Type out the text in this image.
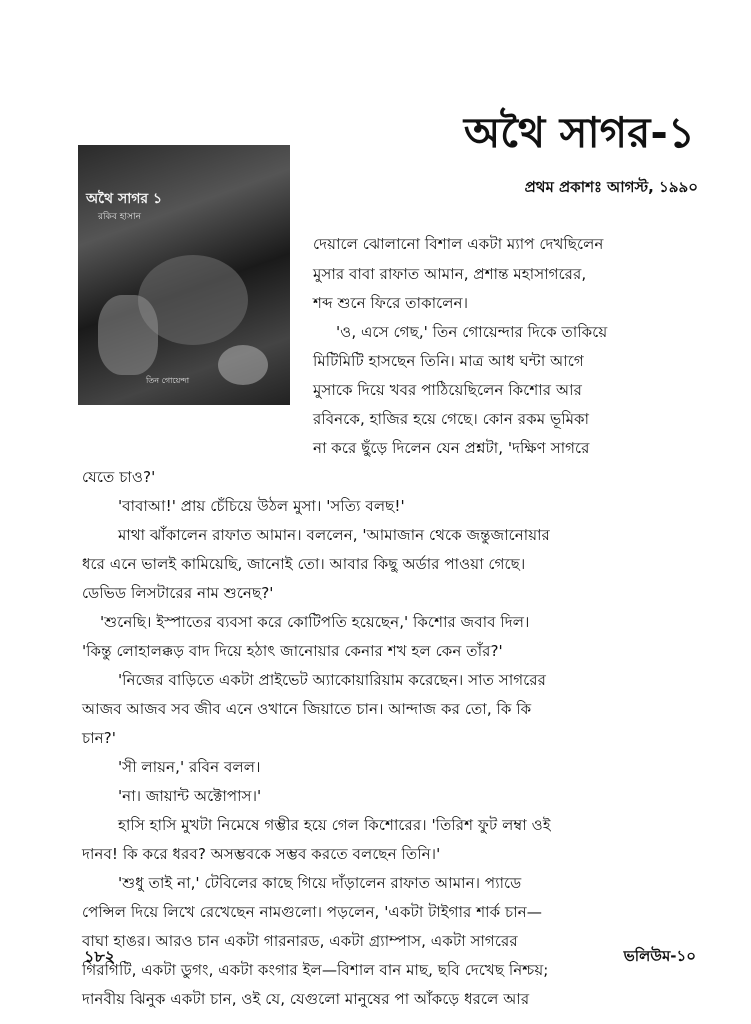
অথৈ সাগর-১
প্রথম প্রকাশঃ আগস্ট, ১৯৯০
অথৈ সাগর ১
রকিব হাসান
তিন গোয়েন্দা
দেয়ালে ঝোলানো বিশাল একটা ম্যাপ দেখছিলেন
মুসার বাবা রাফাত আমান, প্রশান্ত মহাসাগরের,
শব্দ শুনে ফিরে তাকালেন।
'ও, এসে গেছ,' তিন গোয়েন্দার দিকে তাকিয়ে
মিটিমিটি হাসছেন তিনি। মাত্র আধ ঘন্টা আগে
মুসাকে দিয়ে খবর পাঠিয়েছিলেন কিশোর আর
রবিনকে, হাজির হয়ে গেছে। কোন রকম ভূমিকা
না করে ছুঁড়ে দিলেন যেন প্রশ্নটা, 'দক্ষিণ সাগরে
যেতে চাও?'
'বাবাআ!' প্রায় চেঁচিয়ে উঠল মুসা। 'সত্যি বলছ!'
মাথা ঝাঁকালেন রাফাত আমান। বললেন, 'আমাজান থেকে জন্তুজানোয়ার
ধরে এনে ভালই কামিয়েছি, জানোই তো। আবার কিছু অর্ডার পাওয়া গেছে।
ডেভিড লিসটারের নাম শুনেছ?'
'শুনেছি। ইস্পাতের ব্যবসা করে কোটিপতি হয়েছেন,' কিশোর জবাব দিল।
'কিন্তু লোহালক্কড় বাদ দিয়ে হঠাৎ জানোয়ার কেনার শখ হল কেন তাঁর?'
'নিজের বাড়িতে একটা প্রাইভেট অ্যাকোয়ারিয়াম করেছেন। সাত সাগরের
আজব আজব সব জীব এনে ওখানে জিয়াতে চান। আন্দাজ কর তো, কি কি
চান?'
'সী লায়ন,' রবিন বলল।
'না। জায়ান্ট অক্টোপাস।'
হাসি হাসি মুখটা নিমেষে গম্ভীর হয়ে গেল কিশোরের। 'তিরিশ ফুট লম্বা ওই
দানব! কি করে ধরব? অসম্ভবকে সম্ভব করতে বলছেন তিনি।'
'শুধু তাই না,' টেবিলের কাছে গিয়ে দাঁড়ালেন রাফাত আমান। প্যাডে
পেন্সিল দিয়ে লিখে রেখেছেন নামগুলো। পড়লেন, 'একটা টাইগার শার্ক চান—
বাঘা হাঙর। আরও চান একটা গারনারড, একটা গ্র্যাম্পাস, একটা সাগরের
গিরগিটি, একটা ডুগং, একটা কংগার ইল—বিশাল বান মাছ, ছবি দেখেছ নিশ্চয়;
দানবীয় ঝিনুক একটা চান, ওই যে, যেগুলো মানুষের পা আঁকড়ে ধরলে আর
১৮২	ভলিউম-১০
